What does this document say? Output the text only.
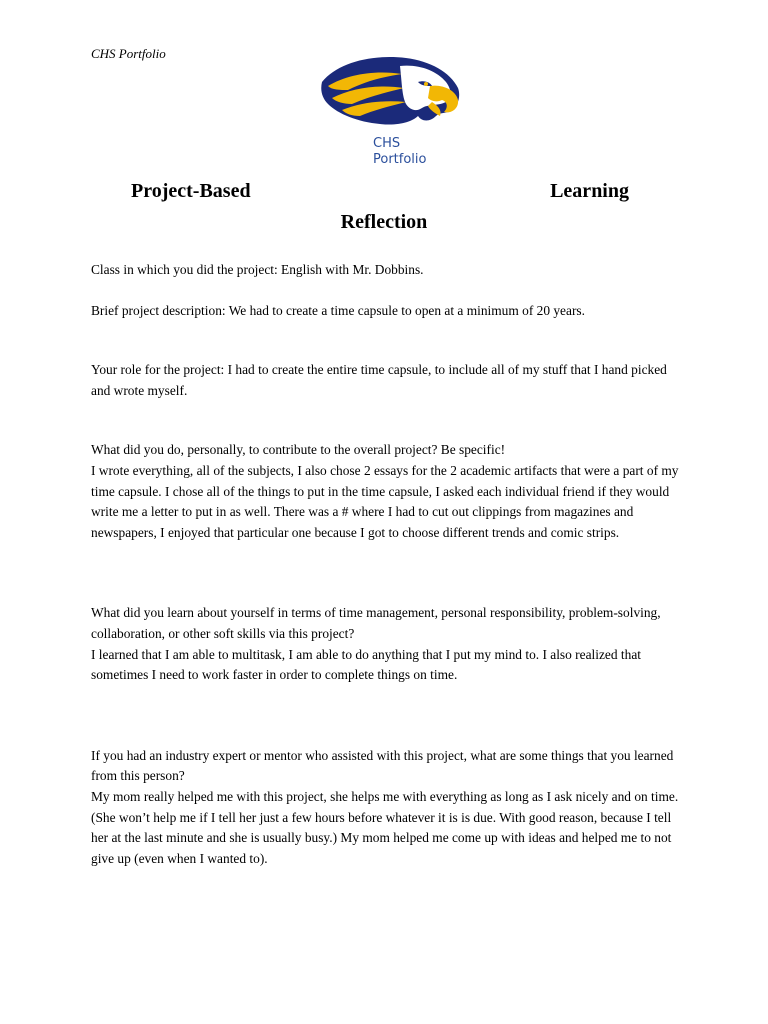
CHS Portfolio
CHS
Portfolio
Project-Based	Learning
Reflection

Class in which you did the project: English with Mr. Dobbins.

Brief project description: We had to create a time capsule to open at a minimum of 20 years.

Your role for the project: I had to create the entire time capsule, to include all of my stuff that I hand picked and wrote myself.

What did you do, personally, to contribute to the overall project? Be specific!

I wrote everything, all of the subjects, I also chose 2 essays for the 2 academic artifacts that were a part of my time capsule. I chose all of the things to put in the time capsule, I asked each individual friend if they would write me a letter to put in as well. There was a # where I had to cut out clippings from magazines and newspapers, I enjoyed that particular one because I got to choose different trends and comic strips.

What did you learn about yourself in terms of time management, personal responsibility, problem-solving, collaboration, or other soft skills via this project?

I learned that I am able to multitask, I am able to do anything that I put my mind to. I also realized that sometimes I need to work faster in order to complete things on time.

If you had an industry expert or mentor who assisted with this project, what are some things that you learned from this person?

My mom really helped me with this project, she helps me with everything as long as I ask nicely and on time. (She won’t help me if I tell her just a few hours before whatever it is is due. With good reason, because I tell her at the last minute and she is usually busy.) My mom helped me come up with ideas and helped me to not give up (even when I wanted to).
